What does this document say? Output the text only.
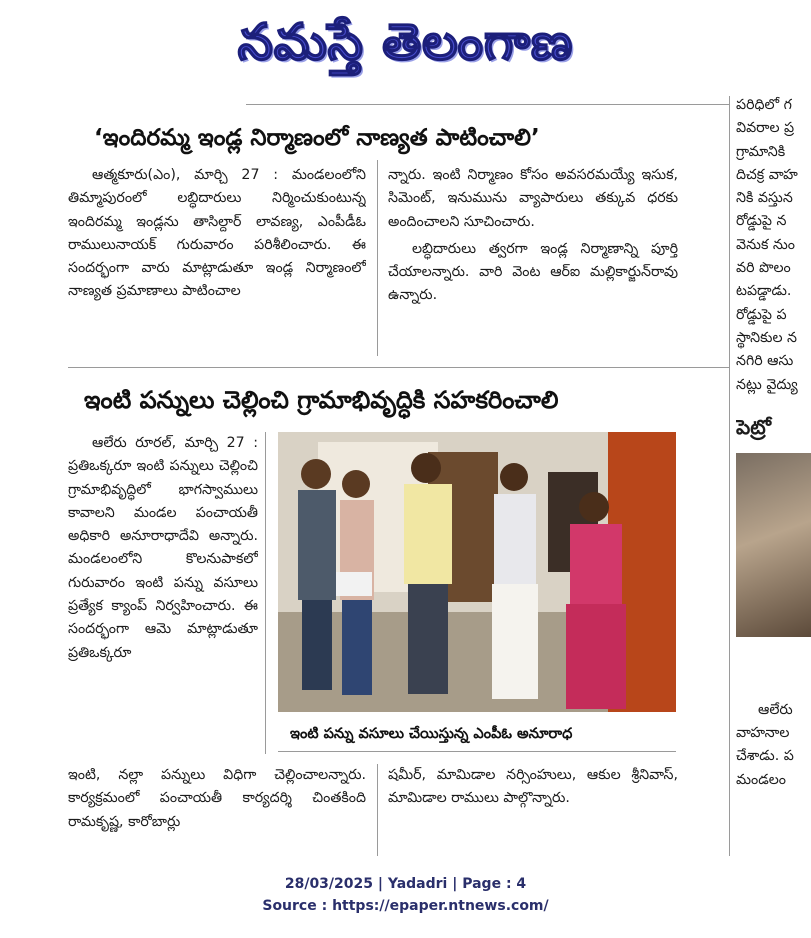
నమస్తే తెలంగాణ
‘ఇందిరమ్మ ఇండ్ల నిర్మాణంలో నాణ్యత పాటించాలి’

ఆత్మకూరు(ఎం), మార్చి 27 : మండలంలోని తిమ్మాపురంలో లబ్ధిదారులు నిర్మించుకుంటున్న ఇందిరమ్మ ఇండ్లను తాసిల్దార్ లావణ్య, ఎంపీడీఓ రాములునాయక్ గురువారం పరిశీలించారు. ఈ సందర్భంగా వారు మాట్లాడుతూ ఇండ్ల నిర్మాణంలో నాణ్యత ప్రమాణాలు పాటించాల

న్నారు. ఇంటి నిర్మాణం కోసం అవసరమయ్యే ఇసుక, సిమెంట్, ఇనుమును వ్యాపారులు తక్కువ ధరకు అందించాలని సూచించారు.

లబ్ధిదారులు త్వరగా ఇండ్ల నిర్మాణాన్ని పూర్తి చేయాలన్నారు. వారి వెంట ఆర్ఐ మల్లికార్జున్‌రావు ఉన్నారు.

ఇంటి పన్నులు చెల్లించి గ్రామాభివృద్ధికి సహకరించాలి

ఆలేరు రూరల్, మార్చి 27 : ప్రతిఒక్కరూ ఇంటి పన్నులు చెల్లించి గ్రామాభివృద్ధిలో భాగస్వాములు కావాలని మండల పంచాయతీ అధికారి అనూరాధాదేవి అన్నారు. మండలంలోని కొలనుపాకలో గురువారం ఇంటి పన్ను వసూలు ప్రత్యేక క్యాంప్ నిర్వహించారు. ఈ సందర్భంగా ఆమె మాట్లాడుతూ ప్రతిఒక్కరూ

ఇంటి పన్ను వసూలు చేయిస్తున్న ఎంపీఓ అనూరాధ

ఇంటి, నల్లా పన్నులు విధిగా చెల్లించాలన్నారు. కార్యక్రమంలో పంచాయతీ కార్యదర్శి చింతకింది రామకృష్ణ, కారోబార్లు

షమీర్, మామిడాల నర్సింహులు, ఆకుల శ్రీనివాస్, మామిడాల రాములు పాల్గొన్నారు.

పరిధిలో గ
వివరాల ప్ర
గ్రామానికి
దిచక్ర వాహ
నికి వస్తున
రోడ్డుపై న
వెనుక నుం
వరి పొలం
టపడ్డాడు.
రోడ్డుపై ప
స్థానికుల న
నగిరి ఆసు
నట్లు వైద్యు
పెట్రో
ఆలేరు
వాహనాల
చేశాడు. ప
మండలం
28/03/2025 | Yadadri | Page : 4
Source : https://epaper.ntnews.com/
